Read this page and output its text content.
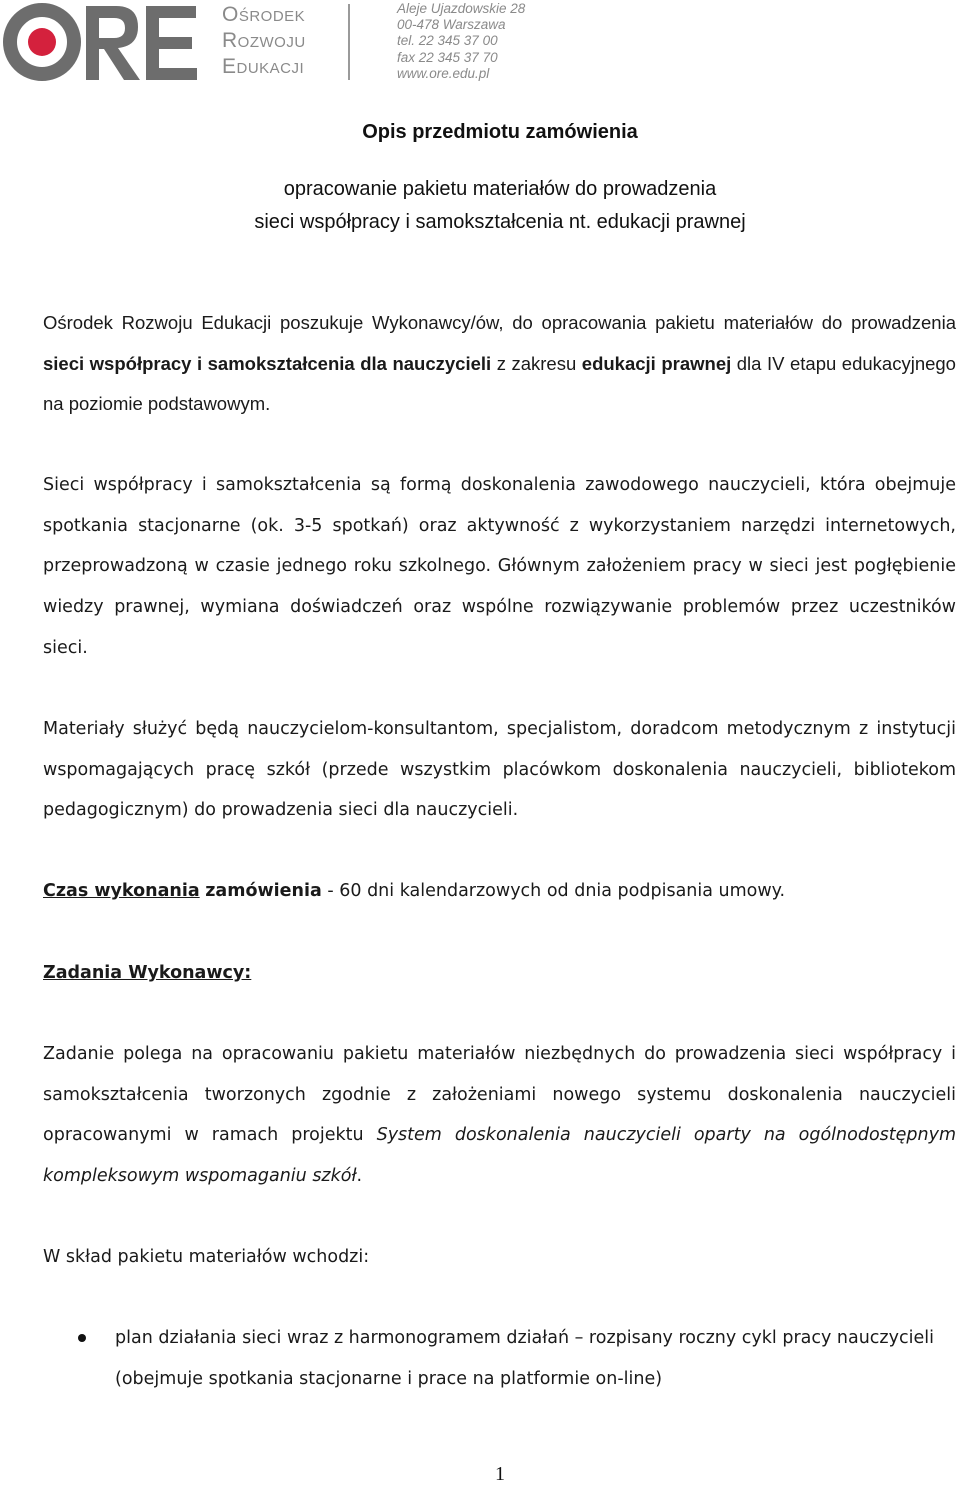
Ośrodek
Rozwoju
Edukacji
Aleje Ujazdowskie 28
00-478 Warszawa
tel. 22 345 37 00
fax 22 345 37 70
www.ore.edu.pl
Opis przedmiotu zamówienia
opracowanie pakietu materiałów do prowadzenia
sieci współpracy i samokształcenia nt. edukacji prawnej
Ośrodek Rozwoju Edukacji poszukuje Wykonawcy/ów, do opracowania pakietu materiałów do prowadzenia sieci współpracy i samokształcenia dla nauczycieli z zakresu edukacji prawnej dla IV etapu edukacyjnego na poziomie podstawowym.
Sieci współpracy i samokształcenia są formą doskonalenia zawodowego nauczycieli, która obejmuje spotkania stacjonarne (ok. 3-5 spotkań) oraz aktywność z wykorzystaniem narzędzi internetowych, przeprowadzoną w czasie jednego roku szkolnego. Głównym założeniem pracy w sieci jest pogłębienie wiedzy prawnej, wymiana doświadczeń oraz wspólne rozwiązywanie problemów przez uczestników sieci.
Materiały służyć będą nauczycielom-konsultantom, specjalistom, doradcom metodycznym z instytucji wspomagających pracę szkół (przede wszystkim placówkom doskonalenia nauczycieli, bibliotekom pedagogicznym) do prowadzenia sieci dla nauczycieli.
Czas wykonania zamówienia - 60 dni kalendarzowych od dnia podpisania umowy.
Zadania Wykonawcy:
Zadanie polega na opracowaniu pakietu materiałów niezbędnych do prowadzenia sieci współpracy i samokształcenia tworzonych zgodnie z założeniami nowego systemu doskonalenia nauczycieli opracowanymi w ramach projektu System doskonalenia nauczycieli oparty na ogólnodostępnym kompleksowym wspomaganiu szkół.
W skład pakietu materiałów wchodzi:
plan działania sieci wraz z harmonogramem działań – rozpisany roczny cykl pracy nauczycieli (obejmuje spotkania stacjonarne i prace na platformie on-line)
1
